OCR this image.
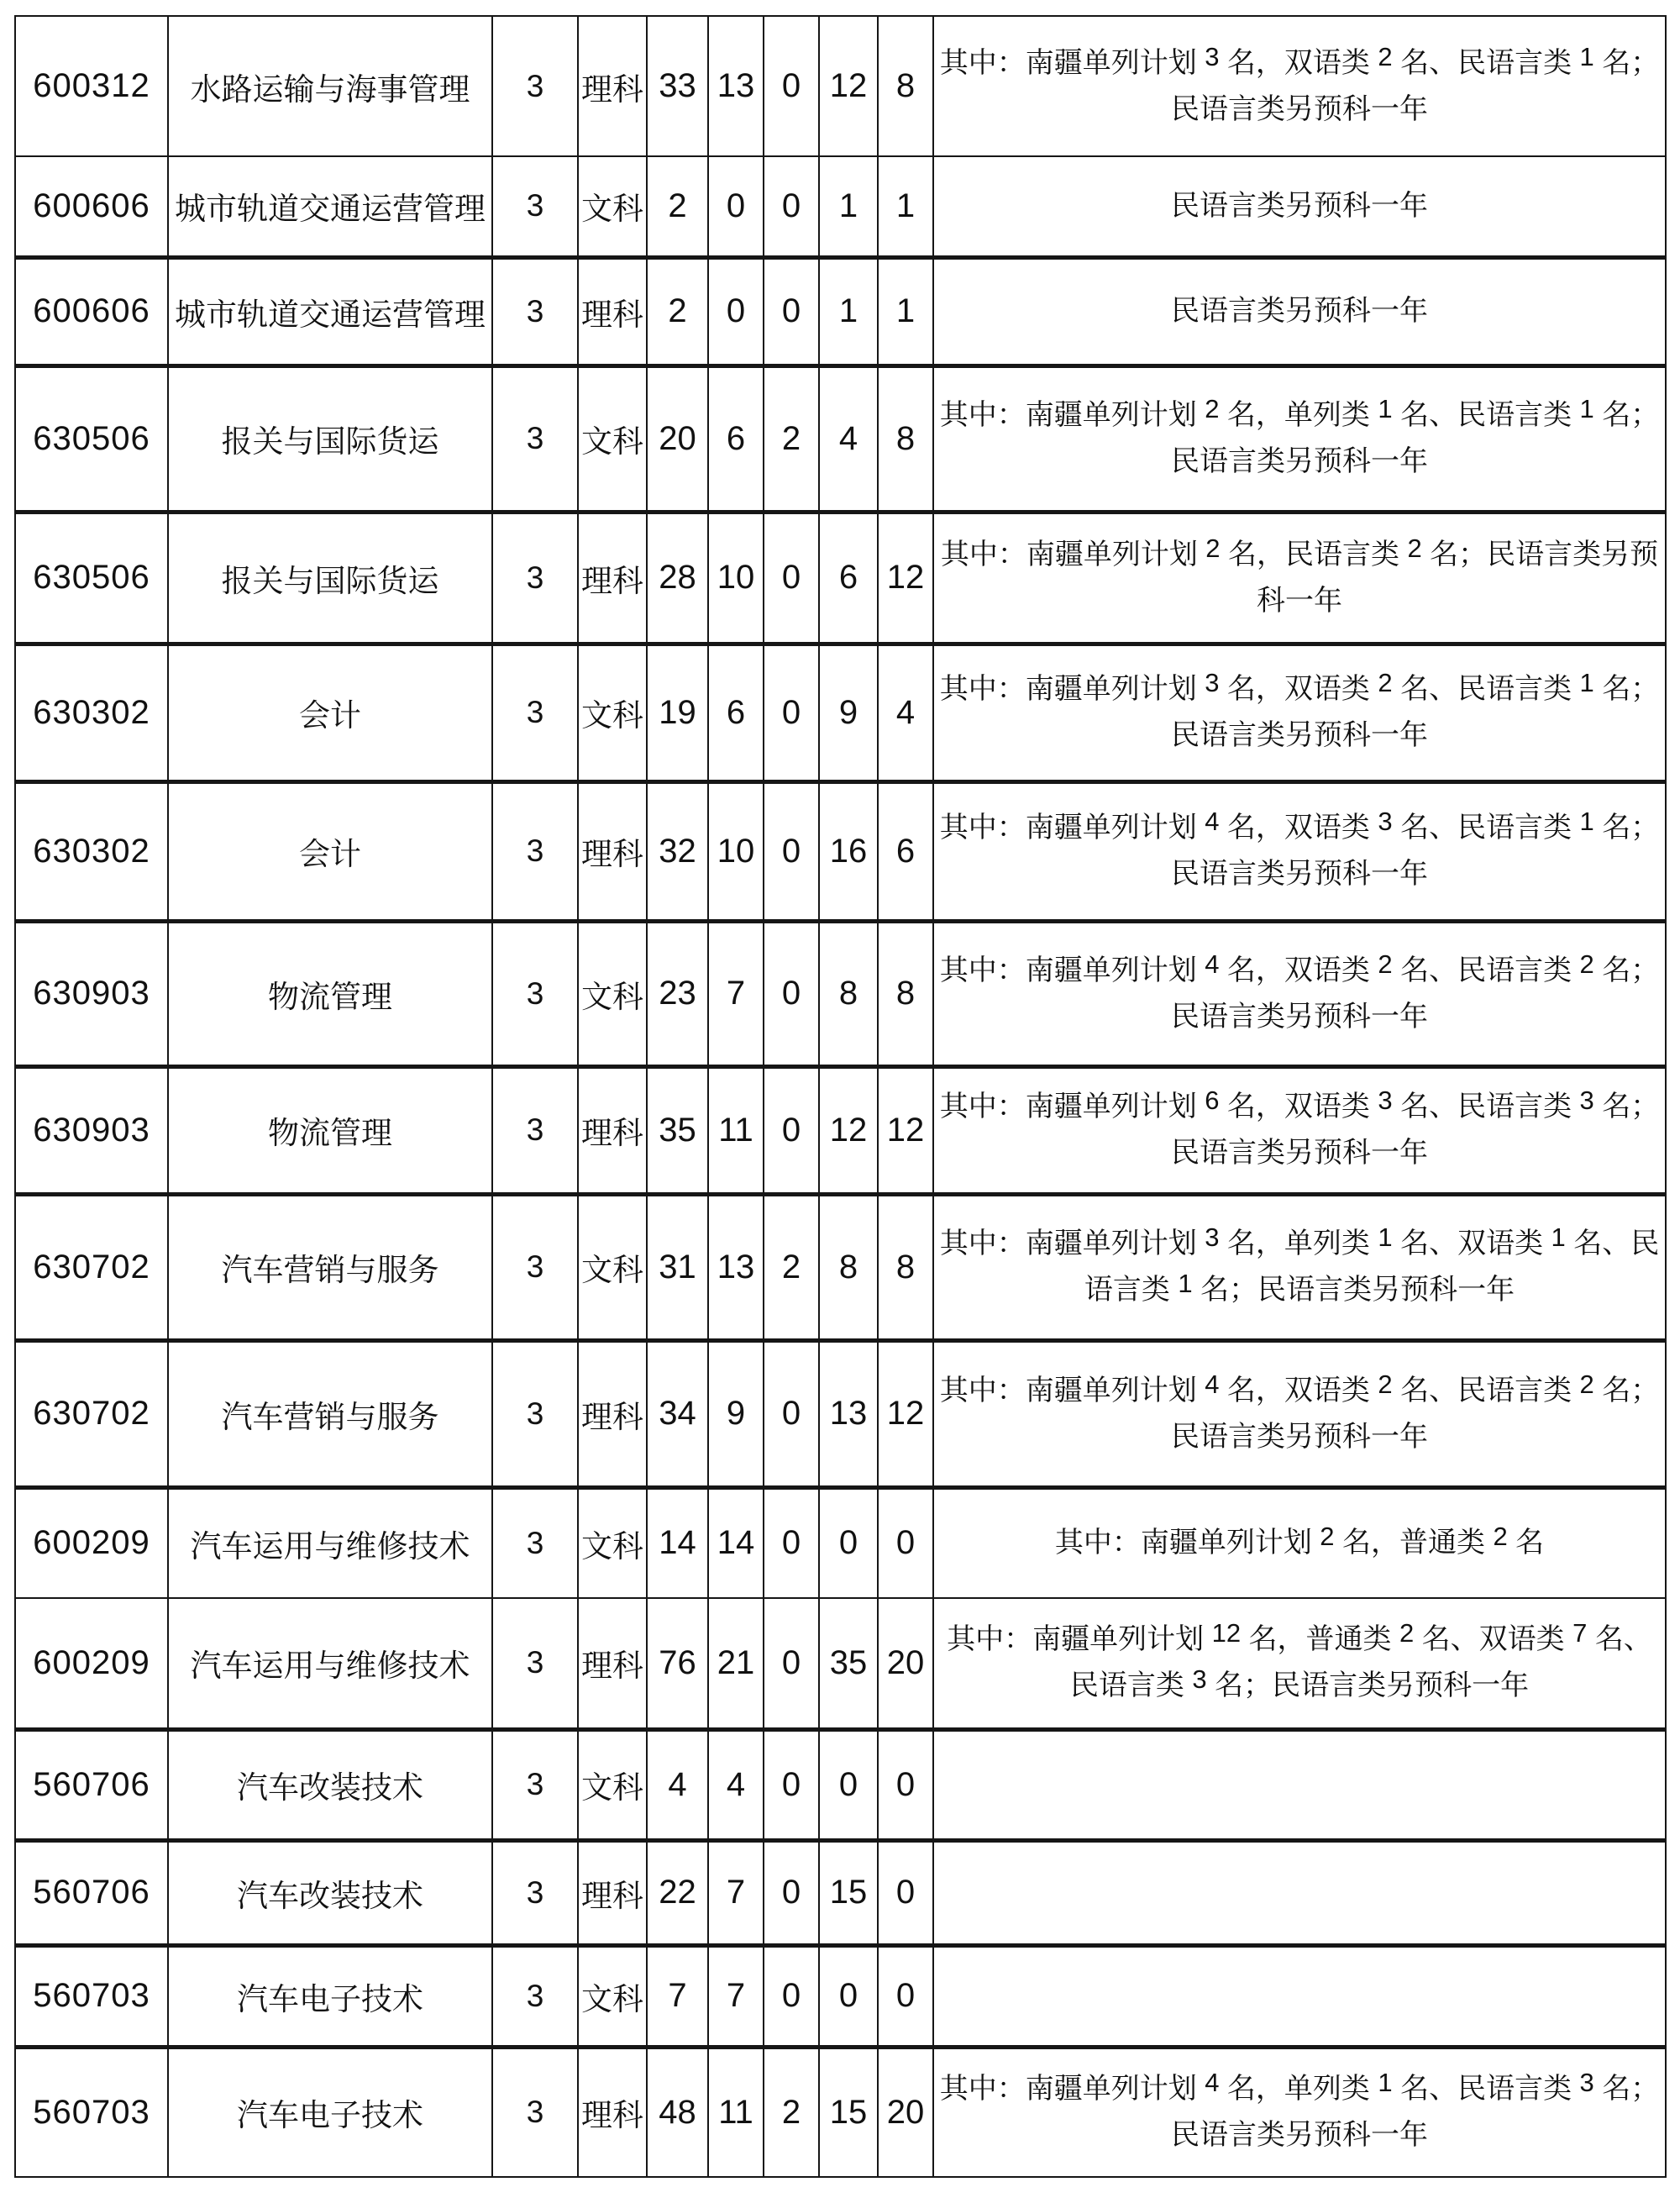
600312	水路运输与海事管理	3	理科	33	13	0	12	8	其中：南疆单列计划 3 名，双语类 2 名、民语言类 1 名；民语言类另预科一年
600606	城市轨道交通运营管理	3	文科	2	0	0	1	1	民语言类另预科一年
600606	城市轨道交通运营管理	3	理科	2	0	0	1	1	民语言类另预科一年
630506	报关与国际货运	3	文科	20	6	2	4	8	其中：南疆单列计划 2 名，单列类 1 名、民语言类 1 名；民语言类另预科一年
630506	报关与国际货运	3	理科	28	10	0	6	12	其中：南疆单列计划 2 名，民语言类 2 名；民语言类另预科一年
630302	会计	3	文科	19	6	0	9	4	其中：南疆单列计划 3 名，双语类 2 名、民语言类 1 名；民语言类另预科一年
630302	会计	3	理科	32	10	0	16	6	其中：南疆单列计划 4 名，双语类 3 名、民语言类 1 名；民语言类另预科一年
630903	物流管理	3	文科	23	7	0	8	8	其中：南疆单列计划 4 名，双语类 2 名、民语言类 2 名；民语言类另预科一年
630903	物流管理	3	理科	35	11	0	12	12	其中：南疆单列计划 6 名，双语类 3 名、民语言类 3 名；民语言类另预科一年
630702	汽车营销与服务	3	文科	31	13	2	8	8	其中：南疆单列计划 3 名，单列类 1 名、双语类 1 名、民语言类 1 名；民语言类另预科一年
630702	汽车营销与服务	3	理科	34	9	0	13	12	其中：南疆单列计划 4 名，双语类 2 名、民语言类 2 名；民语言类另预科一年
600209	汽车运用与维修技术	3	文科	14	14	0	0	0	其中：南疆单列计划 2 名，普通类 2 名
600209	汽车运用与维修技术	3	理科	76	21	0	35	20	其中：南疆单列计划 12 名，普通类 2 名、双语类 7 名、民语言类 3 名；民语言类另预科一年
560706	汽车改装技术	3	文科	4	4	0	0	0	
560706	汽车改装技术	3	理科	22	7	0	15	0	
560703	汽车电子技术	3	文科	7	7	0	0	0	
560703	汽车电子技术	3	理科	48	11	2	15	20	其中：南疆单列计划 4 名，单列类 1 名、民语言类 3 名；民语言类另预科一年
